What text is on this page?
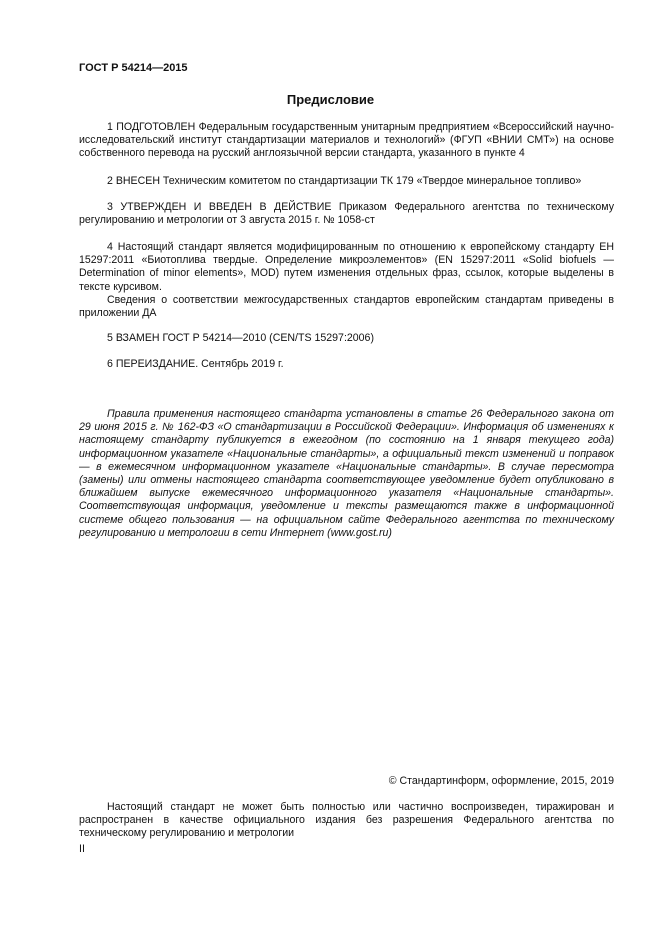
ГОСТ Р 54214—2015
Предисловие

1 ПОДГОТОВЛЕН Федеральным государственным унитарным предприятием «Всероссийский научно-исследовательский институт стандартизации материалов и технологий» (ФГУП «ВНИИ СМТ») на основе собственного перевода на русский англоязычной версии стандарта, указанного в пункте 4

2 ВНЕСЕН Техническим комитетом по стандартизации ТК 179 «Твердое минеральное топливо»

3 УТВЕРЖДЕН И ВВЕДЕН В ДЕЙСТВИЕ Приказом Федерального агентства по техническому регулированию и метрологии от 3 августа 2015 г. № 1058-ст

4 Настоящий стандарт является модифицированным по отношению к европейскому стандарту ЕН 15297:2011 «Биотоплива твердые. Определение микроэлементов» (EN 15297:2011 «Solid biofuels — Determination of minor elements», MOD) путем изменения отдельных фраз, ссылок, которые выделены в тексте курсивом.

Сведения о соответствии межгосударственных стандартов европейским стандартам приведены в приложении ДА

5 ВЗАМЕН ГОСТ Р 54214—2010 (CEN/TS 15297:2006)

6 ПЕРЕИЗДАНИЕ. Сентябрь 2019 г.

Правила применения настоящего стандарта установлены в статье 26 Федерального закона от 29 июня 2015 г. № 162-ФЗ «О стандартизации в Российской Федерации». Информация об изменениях к настоящему стандарту публикуется в ежегодном (по состоянию на 1 января текущего года) информационном указателе «Национальные стандарты», а официальный текст изменений и поправок — в ежемесячном информационном указателе «Национальные стандарты». В случае пересмотра (замены) или отмены настоящего стандарта соответствующее уведомление будет опубликовано в ближайшем выпуске ежемесячного информационного указателя «Национальные стандарты». Соответствующая информация, уведомление и тексты размещаются также в информационной системе общего пользования — на официальном сайте Федерального агентства по техническому регулированию и метрологии в сети Интернет (www.gost.ru)

© Стандартинформ, оформление, 2015, 2019

Настоящий стандарт не может быть полностью или частично воспроизведен, тиражирован и распространен в качестве официального издания без разрешения Федерального агентства по техническому регулированию и метрологии

II
